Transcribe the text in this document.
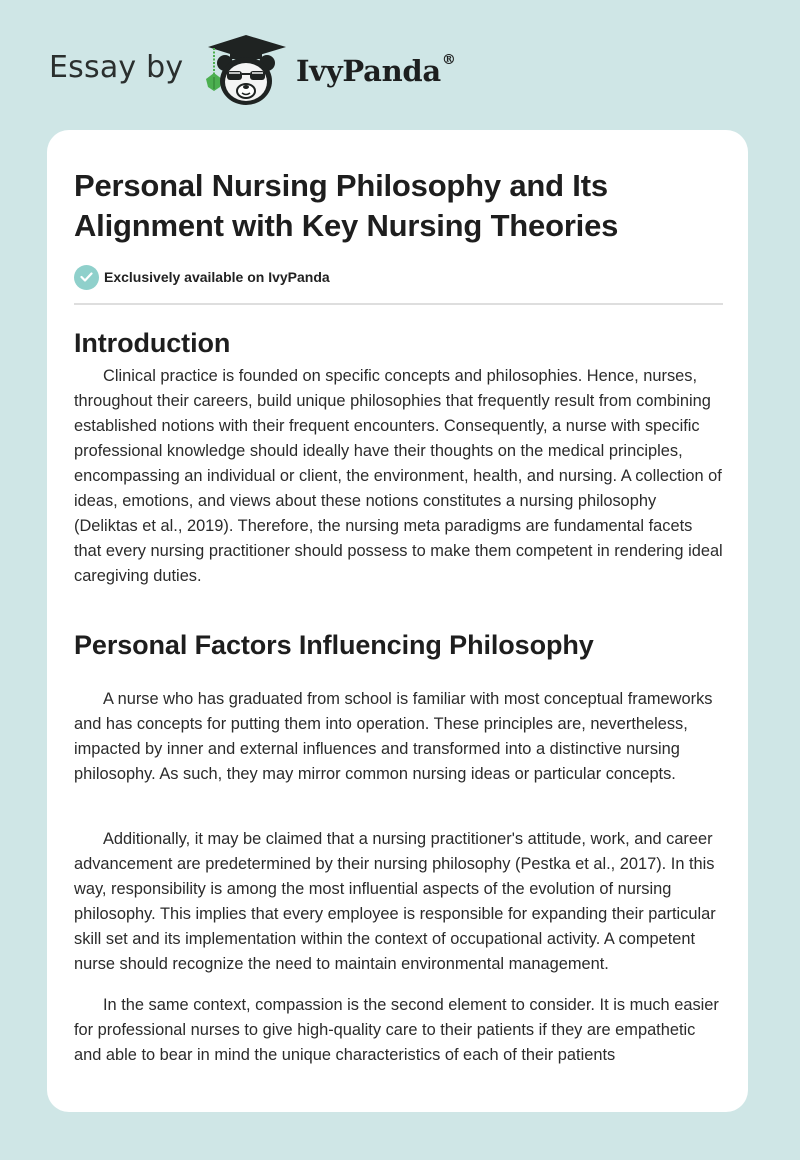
Essay by	IvyPanda®
Personal Nursing Philosophy and Its Alignment with Key Nursing Theories
Exclusively available on IvyPanda
Introduction

Clinical practice is founded on specific concepts and philosophies. Hence, nurses, throughout their careers, build unique philosophies that frequently result from combining established notions with their frequent encounters. Consequently, a nurse with specific professional knowledge should ideally have their thoughts on the medical principles, encompassing an individual or client, the environment, health, and nursing. A collection of ideas, emotions, and views about these notions constitutes a nursing philosophy (Deliktas et al., 2019). Therefore, the nursing meta paradigms are fundamental facets that every nursing practitioner should possess to make them competent in rendering ideal caregiving duties.

Personal Factors Influencing Philosophy

A nurse who has graduated from school is familiar with most conceptual frameworks and has concepts for putting them into operation. These principles are, nevertheless, impacted by inner and external influences and transformed into a distinctive nursing philosophy. As such, they may mirror common nursing ideas or particular concepts.

Additionally, it may be claimed that a nursing practitioner's attitude, work, and career advancement are predetermined by their nursing philosophy (Pestka et al., 2017). In this way, responsibility is among the most influential aspects of the evolution of nursing philosophy. This implies that every employee is responsible for expanding their particular skill set and its implementation within the context of occupational activity. A competent nurse should recognize the need to maintain environmental management.

In the same context, compassion is the second element to consider. It is much easier for professional nurses to give high-quality care to their patients if they are empathetic and able to bear in mind the unique characteristics of each of their patients
